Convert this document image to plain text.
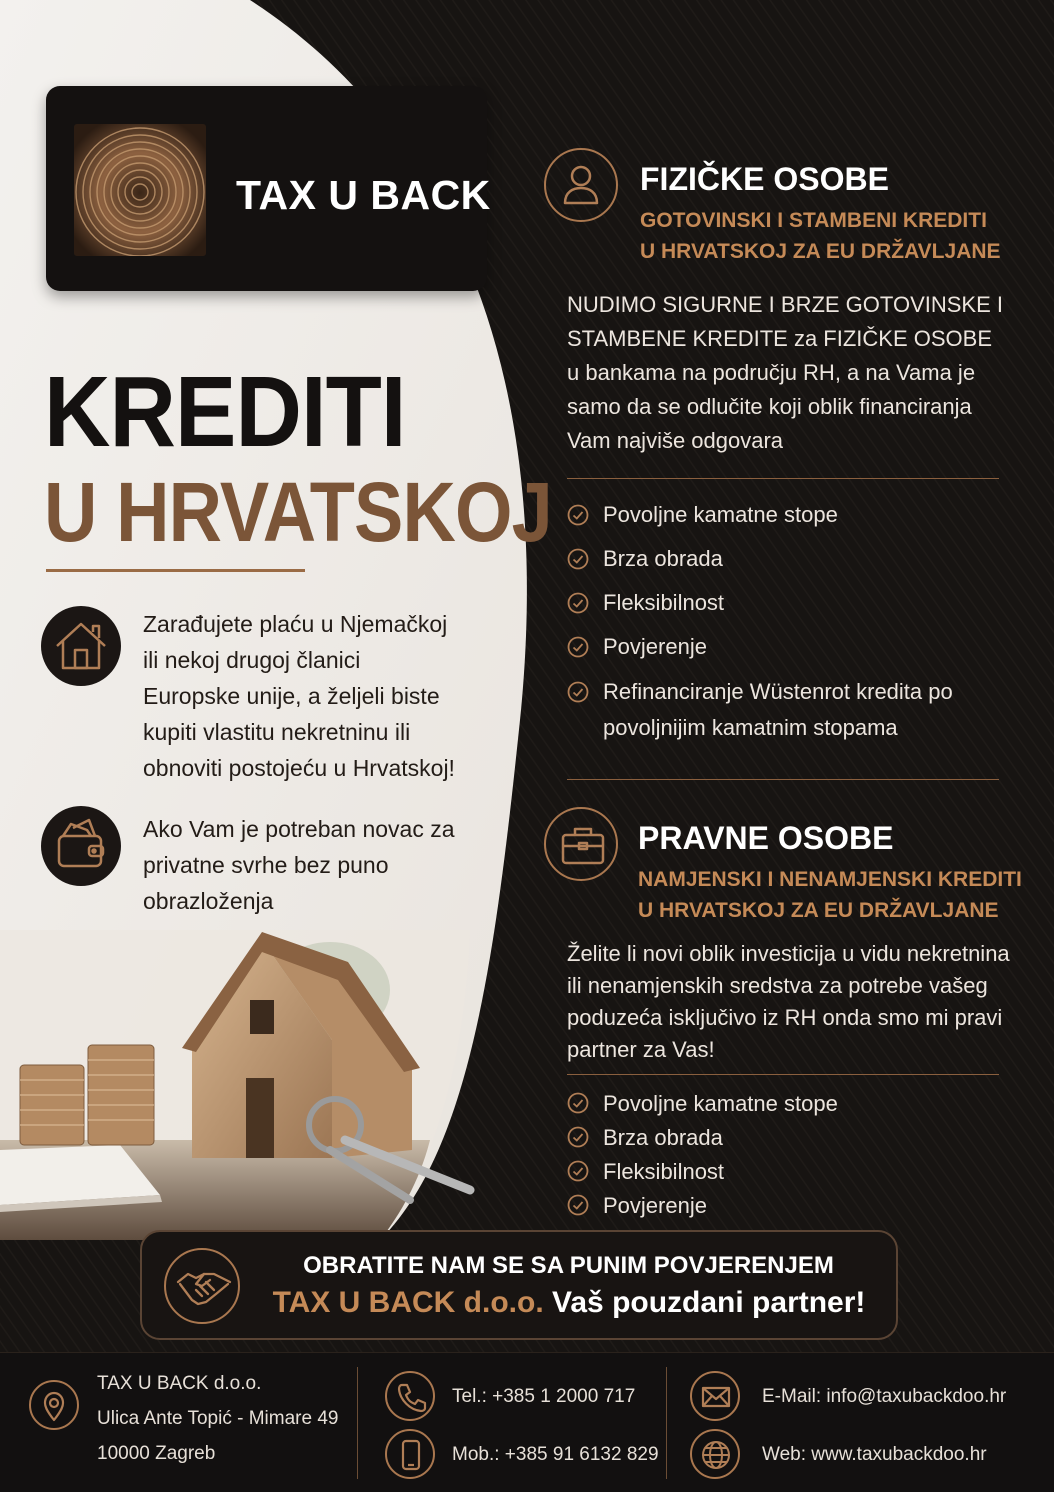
TAX U BACK
KREDITI
U HRVATSKOJ
Zarađujete plaću u Njemačkoj ili nekoj drugoj članici Europske unije, a željeli biste kupiti vlastitu nekretninu ili obnoviti postojeću u Hrvatskoj!
Ako Vam je potreban novac za privatne svrhe bez puno obrazloženja
FIZIČKE OSOBE
GOTOVINSKI I STAMBENI KREDITI
U HRVATSKOJ ZA EU DRŽAVLJANE
NUDIMO SIGURNE I BRZE GOTOVINSKE I STAMBENE KREDITE za FIZIČKE OSOBE u bankama na području RH, a na Vama je samo da se odlučite koji oblik financiranja Vam najviše odgovara
Povoljne kamatne stope
Brza obrada
Fleksibilnost
Povjerenje
Refinanciranje Wüstenrot kredita po povoljnijim kamatnim stopama
PRAVNE OSOBE
NAMJENSKI I NENAMJENSKI KREDITI
U HRVATSKOJ ZA EU DRŽAVLJANE
Želite li novi oblik investicija u vidu nekretnina ili nenamjenskih sredstva za potrebe vašeg poduzeća isključivo iz RH onda smo mi pravi partner za Vas!
Povoljne kamatne stope
Brza obrada
Fleksibilnost
Povjerenje
OBRATITE NAM SE SA PUNIM POVJERENJEM
TAX U BACK d.o.o. Vaš pouzdani partner!
TAX U BACK d.o.o.
Ulica Ante Topić - Mimare 49
10000 Zagreb
Tel.: +385 1 2000 717
Mob.: +385 91 6132 829
E-Mail: info@taxubackdoo.hr
Web: www.taxubackdoo.hr
